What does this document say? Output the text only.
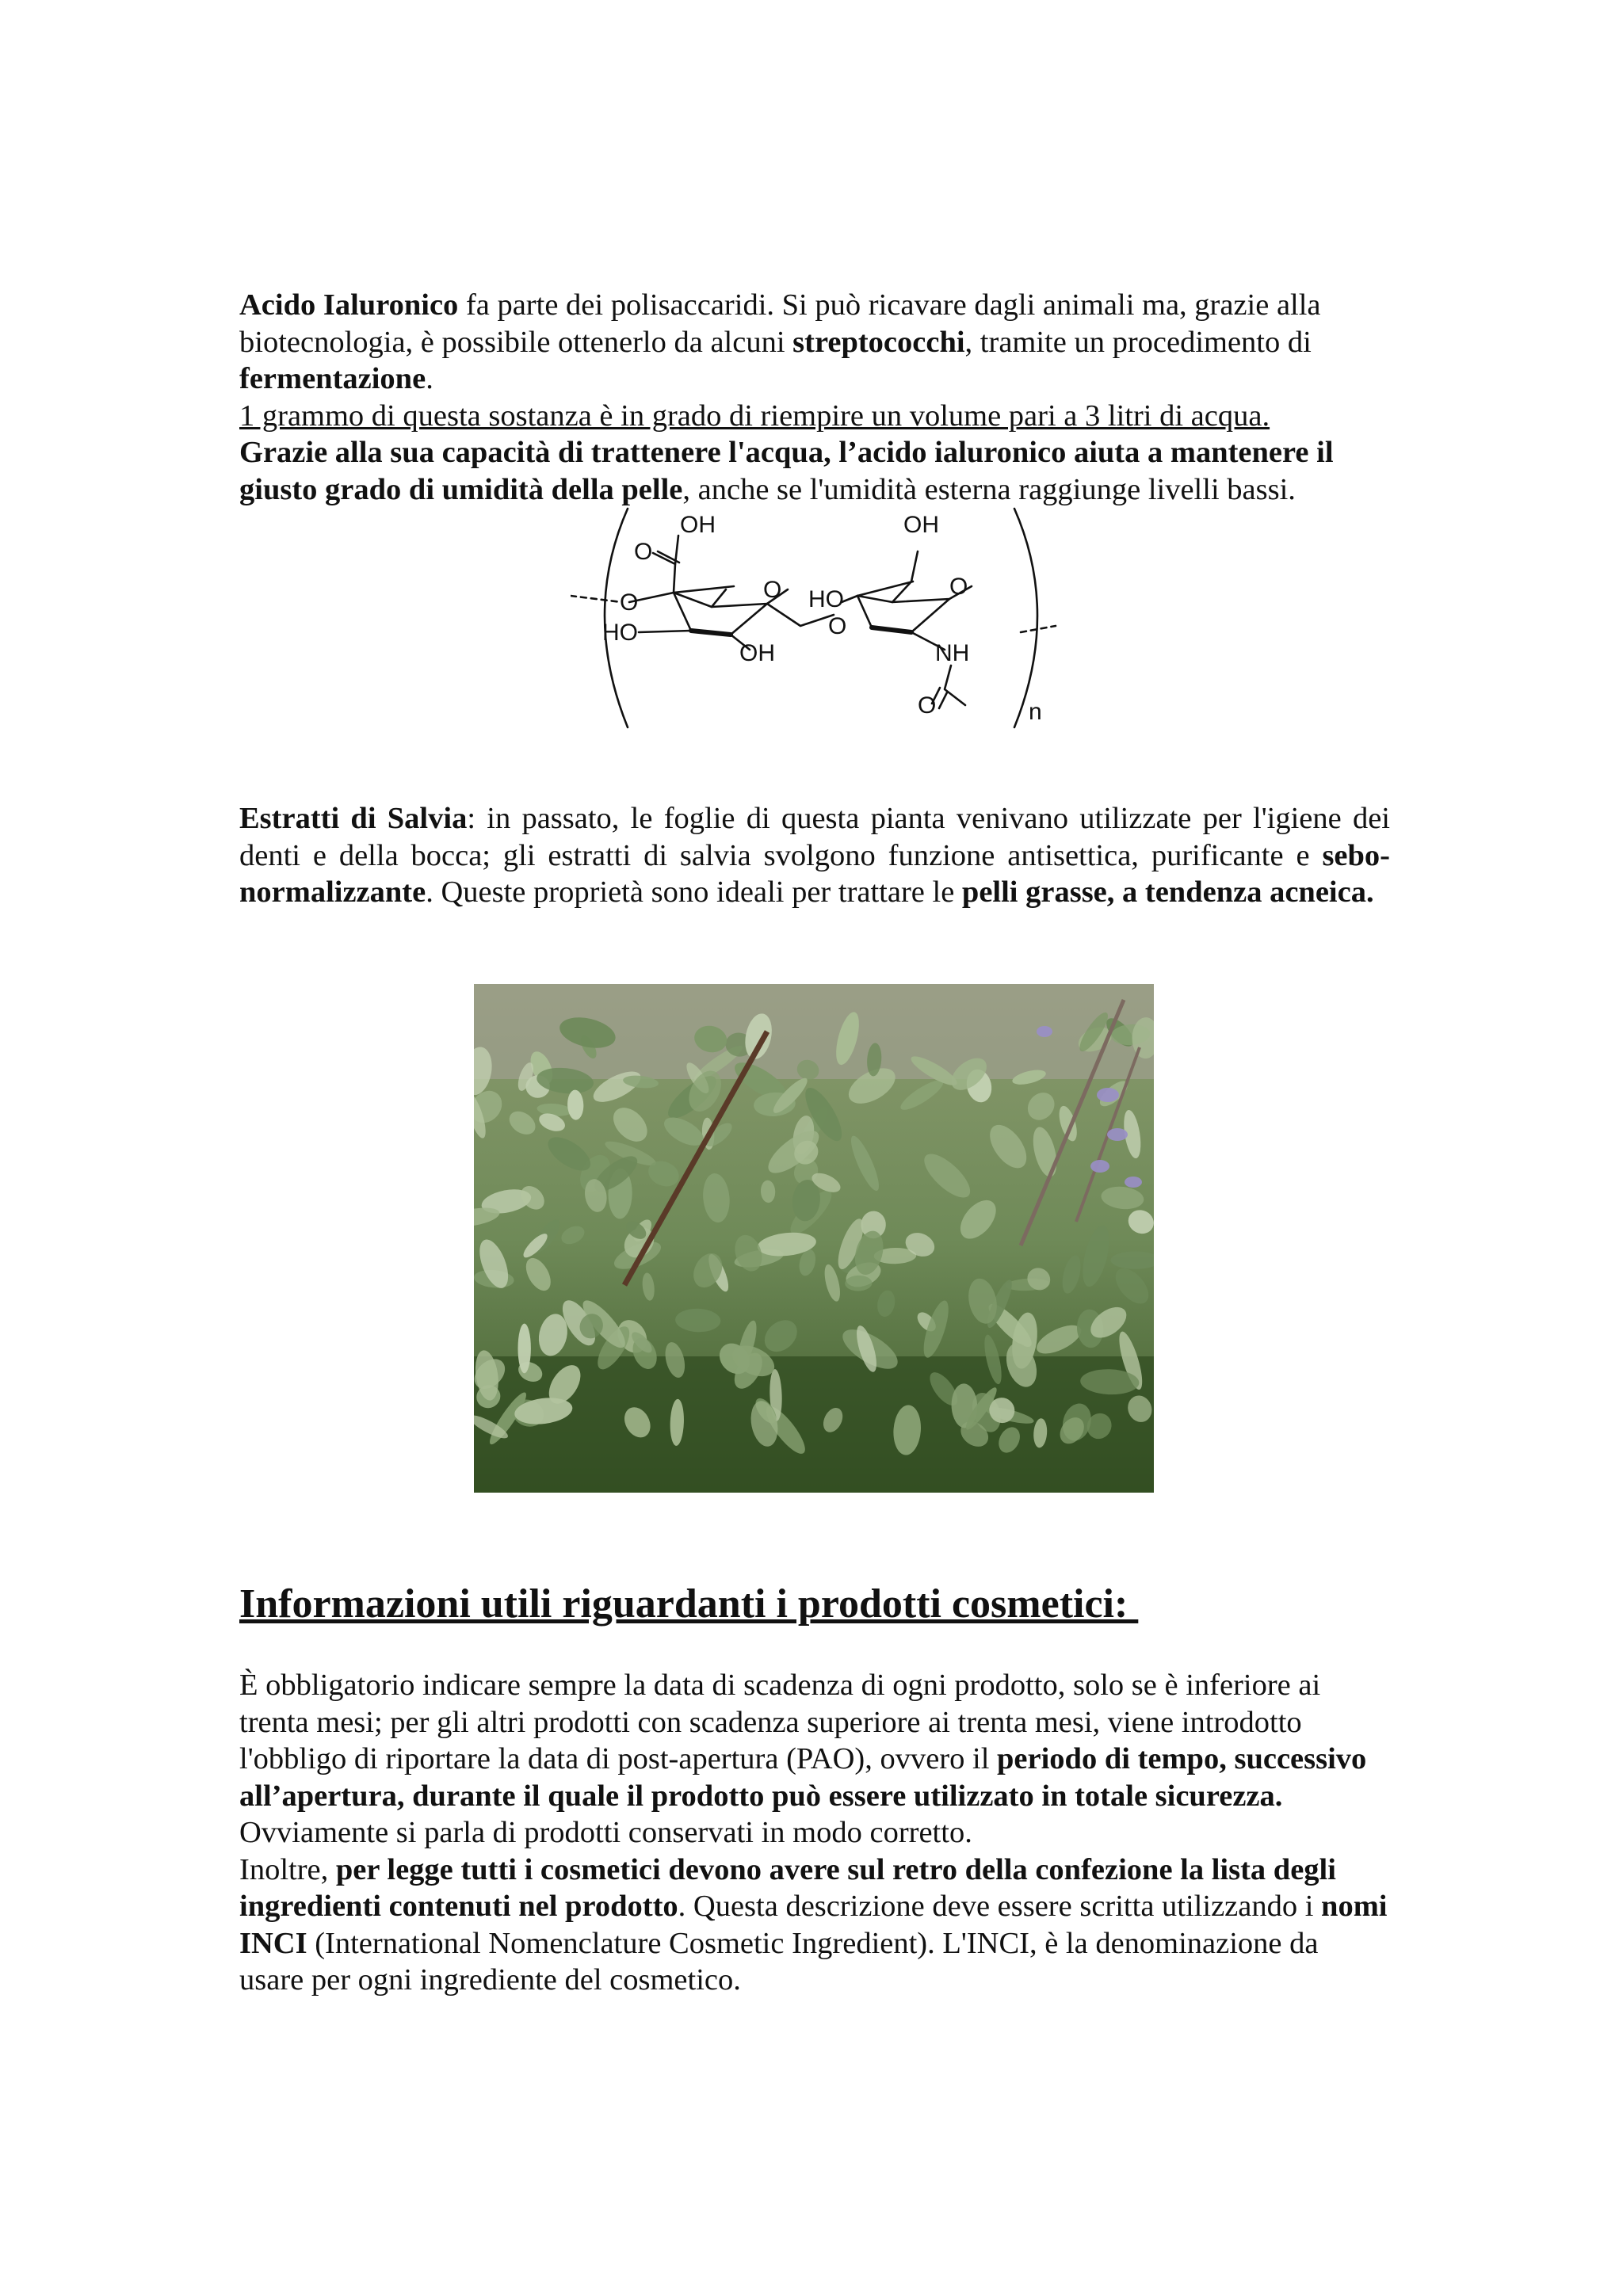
Acido Ialuronico fa parte dei polisaccaridi. Si può ricavare dagli animali ma, grazie alla biotecnologia, è possibile ottenerlo da alcuni streptococchi, tramite un procedimento di fermentazione.

1 grammo di questa sostanza è in grado di riempire un volume pari a 3 litri di acqua.

Grazie alla sua capacità di trattenere l'acqua, l’acido ialuronico aiuta a mantenere il giusto grado di umidità della pelle, anche se l'umidità esterna raggiunge livelli bassi.

OH	OH
O
O	O
O
HO
OH
O
HO
NH
O	n

Estratti di Salvia: in passato, le foglie di questa pianta venivano utilizzate per l'igiene dei denti e della bocca; gli estratti di salvia svolgono funzione antisettica, purificante e sebo-normalizzante. Queste proprietà sono ideali per trattare le pelli grasse, a tendenza acneica.

Informazioni utili riguardanti i prodotti cosmetici:

È obbligatorio indicare sempre la data di scadenza di ogni prodotto, solo se è inferiore ai trenta mesi; per gli altri prodotti con scadenza superiore ai trenta mesi, viene introdotto l'obbligo di riportare la data di post-apertura (PAO), ovvero il periodo di tempo, successivo all’apertura, durante il quale il prodotto può essere utilizzato in totale sicurezza. Ovviamente si parla di prodotti conservati in modo corretto.

Inoltre, per legge tutti i cosmetici devono avere sul retro della confezione la lista degli ingredienti contenuti nel prodotto. Questa descrizione deve essere scritta utilizzando i nomi INCI (International Nomenclature Cosmetic Ingredient). L'INCI, è la denominazione da usare per ogni ingrediente del cosmetico.
